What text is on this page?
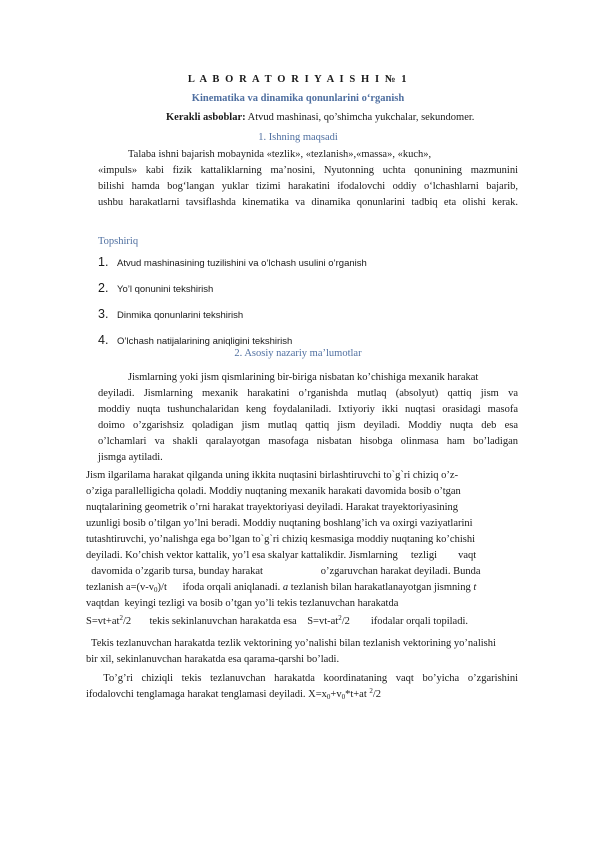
L A B O R A T O R I Y A I S H I № 1
Kinematika va dinamika qonunlarini o‘rganish
Kerakli asboblar: Atvud mashinasi, qo’shimcha yukchalar, sekundomer.
1. Ishning maqsadi
Talaba ishni bajarish mobaynida «tezlik», «tezlanish»,«massa», «kuch»,
«impuls» kabi fizik kattaliklarning ma’nosini, Nyutonning uchta qonunining mazmunini
bilishi hamda bog‘langan yuklar tizimi harakatini ifodalovchi oddiy o‘lchashlarni bajarib,
ushbu harakatlarni tavsiflashda kinematika va dinamika qonunlarini tadbiq eta olishi kerak.
Topshiriq
1. Atvud mashinasining tuzilishini va o’lchash usulini o’rganish
2. Yo’l qonunini tekshirish
3. Dinmika qonunlarini tekshirish
4. O’lchash natijalarining aniqligini tekshirish
2. Asosiy nazariy ma’lumotlar
Jismlarning yoki jism qismlarining bir-biriga nisbatan ko’chishiga mexanik harakat
deyiladi. Jismlarning mexanik harakatini o’rganishda mutlaq (absolyut) qattiq jism va
moddiy nuqta tushunchalaridan keng foydalaniladi. Ixtiyoriy ikki nuqtasi orasidagi masofa
doimo o’zgarishsiz qoladigan jism mutlaq qattiq jism deyiladi. Moddiy nuqta deb esa
o’lchamlari va shakli qaralayotgan masofaga nisbatan hisobga olinmasa ham bo’ladigan
jismga aytiladi.
Jism ilgarilama harakat qilganda uning ikkita nuqtasini birlashtiruvchi to`g`ri chiziq o’z-
o’ziga parallelligicha qoladi. Moddiy nuqtaning mexanik harakati davomida bosib o’tgan
nuqtalarining geometrik o’rni harakat trayektoriyasi deyiladi. Harakat trayektoriyasining
uzunligi bosib o’tilgan yo’lni beradi. Moddiy nuqtaning boshlang’ich va oxirgi vaziyatlarini
tutashtiruvchi, yo’nalishga ega bo’lgan to`g`ri chiziq kesmasiga moddiy nuqtaning ko’chishi
deyiladi. Ko’chish vektor kattalik, yo’l esa skalyar kattalikdir. Jismlarning     tezligi        vaqt
davomida o’zgarib tursa, bunday harakat                      o’zgaruvchan harakat deyiladi. Bunda
tezlanish $a=(v-v_0)/t$      ifoda orqali aniqlanadi. a tezlanish bilan harakatlanayotgan jismning t
vaqtdan  keyingi tezligi va bosib o’tgan yo’li tekis tezlanuvchan harakatda
$S=vt+at^2/2$       tekis sekinlanuvchan harakatda esa    $S=vt-at^2/2$        ifodalar orqali topiladi.
Tekis tezlanuvchan harakatda tezlik vektorining yo’nalishi bilan tezlanish vektorining yo’nalishi
bir xil, sekinlanuvchan harakatda esa qarama-qarshi bo’ladi.
To’g’ri chiziqli tekis tezlanuvchan harakatda koordinataning vaqt bo’yicha o’zgarishini
ifodalovchi tenglamaga harakat tenglamasi deyiladi. $X=x_0+v_0*t+at$ $^2$/2
